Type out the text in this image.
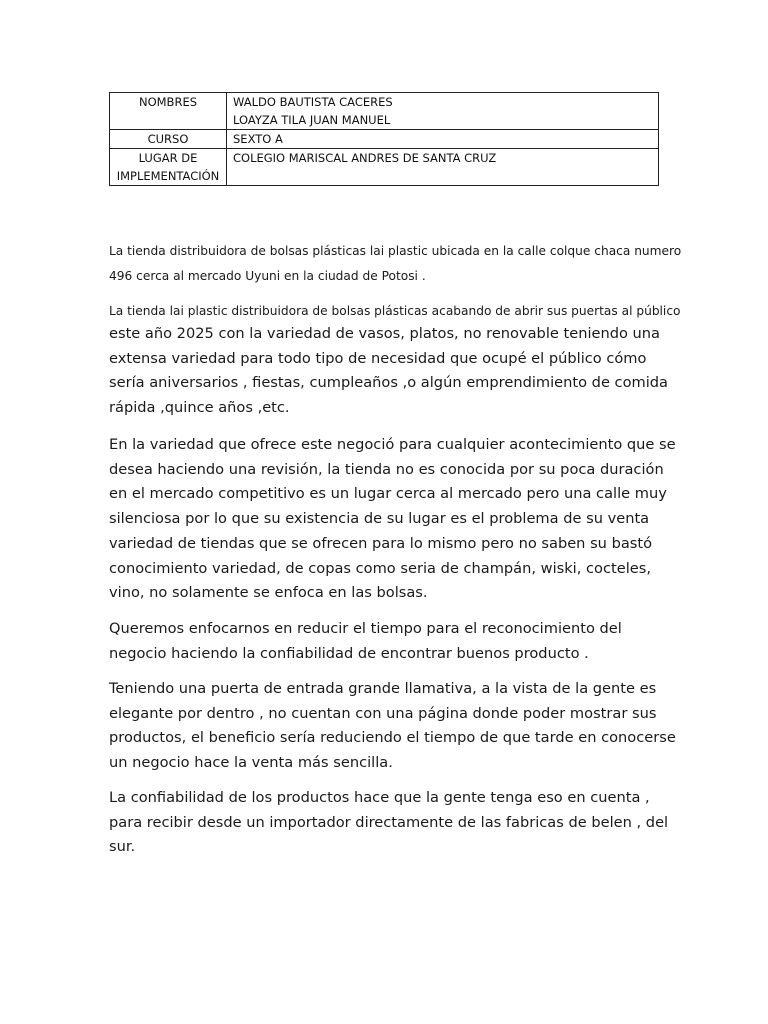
NOMBRES	WALDO BAUTISTA CACERES
LOAYZA TILA JUAN MANUEL

CURSO	SEXTO A

LUGAR DE
IMPLEMENTACIÓN	COLEGIO MARISCAL ANDRES DE SANTA CRUZ
La tienda distribuidora de bolsas plásticas lai plastic ubicada en la calle colque chaca numero
496 cerca al mercado Uyuni en la ciudad de Potosi .
La tienda lai plastic distribuidora de bolsas plásticas acabando de abrir sus puertas al público
este año 2025 con la variedad de vasos, platos, no renovable teniendo una
extensa variedad para todo tipo de necesidad que ocupé el público cómo
sería aniversarios , fiestas, cumpleaños ,o algún emprendimiento de comida
rápida ,quince años ,etc.
En la variedad que ofrece este negoció para cualquier acontecimiento que se
desea haciendo una revisión, la tienda no es conocida por su poca duración
en el mercado competitivo es un lugar cerca al mercado pero una calle muy
silenciosa por lo que su existencia de su lugar es el problema de su venta
variedad de tiendas que se ofrecen para lo mismo pero no saben su bastó
conocimiento variedad, de copas como seria de champán, wiski, cocteles,
vino, no solamente se enfoca en las bolsas.
Queremos enfocarnos en reducir el tiempo para el reconocimiento del
negocio haciendo la confiabilidad de encontrar buenos producto .
Teniendo una puerta de entrada grande llamativa, a la vista de la gente es
elegante por dentro , no cuentan con una página donde poder mostrar sus
productos, el beneficio sería reduciendo el tiempo de que tarde en conocerse
un negocio hace la venta más sencilla.
La confiabilidad de los productos hace que la gente tenga eso en cuenta ,
para recibir desde un importador directamente de las fabricas de belen , del
sur.
